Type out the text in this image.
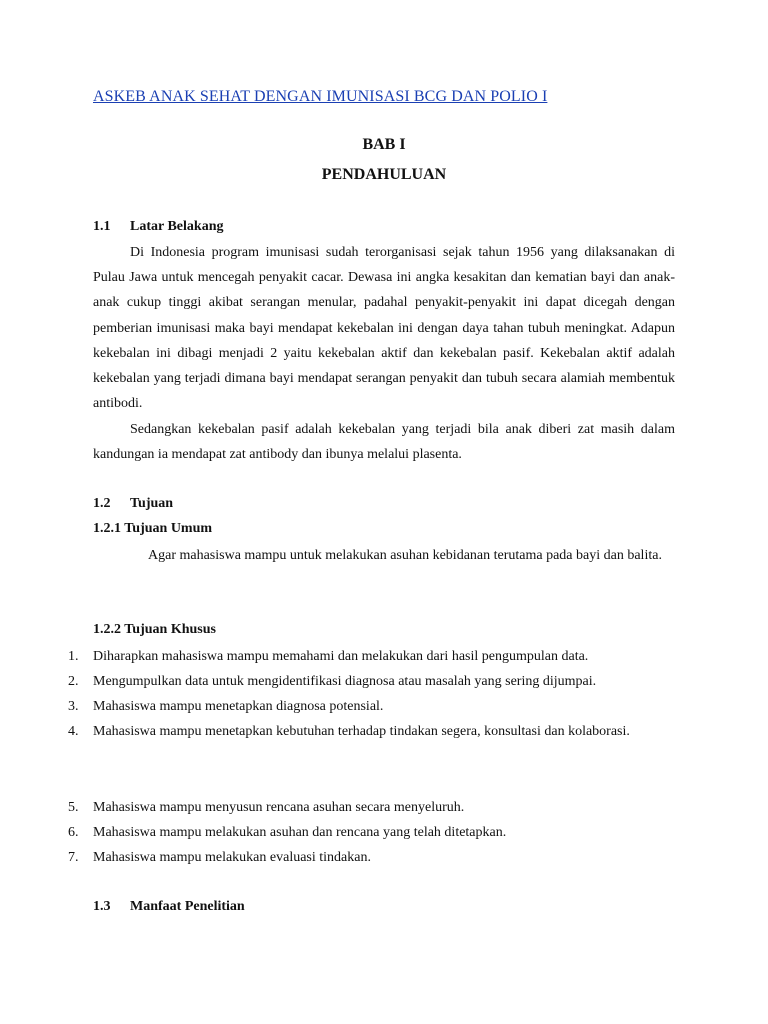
ASKEB ANAK SEHAT DENGAN IMUNISASI BCG DAN POLIO I
BAB I
PENDAHULUAN
1.1 Latar Belakang
Di Indonesia program imunisasi sudah terorganisasi sejak tahun 1956 yang dilaksanakan di Pulau Jawa untuk mencegah penyakit cacar. Dewasa ini angka kesakitan dan kematian bayi dan anak-anak cukup tinggi akibat serangan menular, padahal penyakit-penyakit ini dapat dicegah dengan pemberian imunisasi maka bayi mendapat kekebalan ini dengan daya tahan tubuh meningkat. Adapun kekebalan ini dibagi menjadi 2 yaitu kekebalan aktif dan kekebalan pasif. Kekebalan aktif adalah kekebalan yang terjadi dimana bayi mendapat serangan penyakit dan tubuh secara alamiah membentuk antibodi.
Sedangkan kekebalan pasif adalah kekebalan yang terjadi bila anak diberi zat masih dalam kandungan ia mendapat zat antibody dan ibunya melalui plasenta.
1.2 Tujuan
1.2.1 Tujuan Umum
Agar mahasiswa mampu untuk melakukan asuhan kebidanan terutama pada bayi dan balita.
1.2.2 Tujuan Khusus
1. Diharapkan mahasiswa mampu memahami dan melakukan dari hasil pengumpulan data.
2. Mengumpulkan data untuk mengidentifikasi diagnosa atau masalah yang sering dijumpai.
3. Mahasiswa mampu menetapkan diagnosa potensial.
4. Mahasiswa mampu menetapkan kebutuhan terhadap tindakan segera, konsultasi dan kolaborasi.
5. Mahasiswa mampu menyusun rencana asuhan secara menyeluruh.
6. Mahasiswa mampu melakukan asuhan dan rencana yang telah ditetapkan.
7. Mahasiswa mampu melakukan evaluasi tindakan.
1.3 Manfaat Penelitian
